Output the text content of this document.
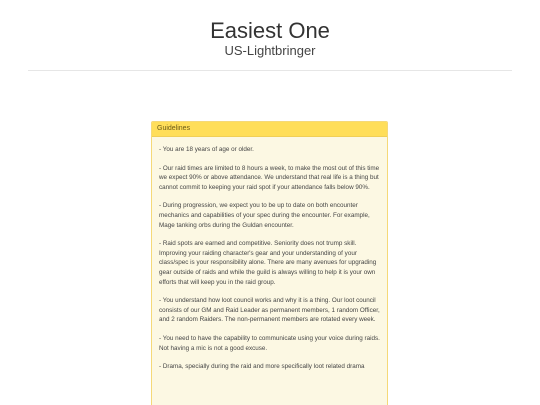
Easiest One
US-Lightbringer
Guidelines

- You are 18 years of age or older.

- Our raid times are limited to 8 hours a week, to make the most out of this time we expect 90% or above attendance. We understand that real life is a thing but cannot commit to keeping your raid spot if your attendance falls below 90%.

- During progression, we expect you to be up to date on both encounter mechanics and capabilities of your spec during the encounter. For example, Mage tanking orbs during the Guldan encounter.

- Raid spots are earned and competitive. Seniority does not trump skill. Improving your raiding character's gear and your understanding of your class/spec is your responsibility alone. There are many avenues for upgrading gear outside of raids and while the guild is always willing to help it is your own efforts that will keep you in the raid group.

- You understand how loot council works and why it is a thing. Our loot council consists of our GM and Raid Leader as permanent members, 1 random Officer, and 2 random Raiders. The non-permanent members are rotated every week.

- You need to have the capability to communicate using your voice during raids. Not having a mic is not a good excuse.

- Drama, specially during the raid and more specifically loot related drama
